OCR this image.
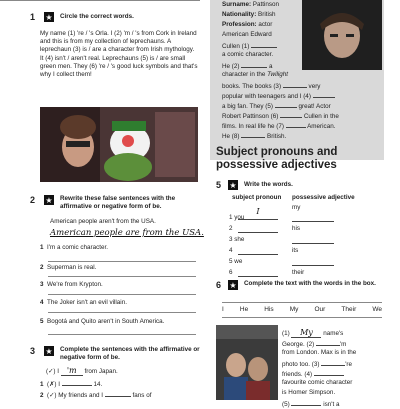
1 ★ Circle the correct words.
My name (1) 're / 's Orla. I (2) 'm / 's from Cork in Ireland and this is from my collection of leprechauns. A leprechaun (3) is / are a character from Irish mythology. It (4) isn't / aren't real. Leprechauns (5) is / are small green men. They (6) 're / 's good luck symbols and that's why I collect them!
2 ★ Rewrite these false sentences with the affirmative or negative form of be.
American people aren't from the USA.
American people are from the USA.
1 I'm a comic character.
2 Superman is real.
3 We're from Krypton.
4 The Joker isn't an evil villain.
5 Bogotá and Quito aren't in South America.
3 ★ Complete the sentences with the affirmative or negative form of be.
(✓) I 'm from Japan.
1 (✗) I	14.
2 (✓) My friends and I	fans of
Surname: Pattinson
Nationality: British
Profession: actor
American Edward
Cullen (1)
a comic character.
He (2)	a
character in the Twilight
books. The books (3)	very
popular with teenagers and I (4)
a big fan. They (5)	great! Actor
Robert Pattinson (6)	Cullen in the
films. In real life he (7)	American.
He (8)	British.
Subject pronouns and
possessive adjectives
5 ★ Write the words.
subject pronoun possessive adjective
I	my
1 you
2	his
3 she
4	its
5 we
6	their
6 ★ Complete the text with the words in the box.
I He His My Our Their We
(1) My name's
George. (2)	'm
from London. Max is in the
photo too. (3)	're
friends. (4)
favourite comic character
is Homer Simpson.
(5)	isn't a
